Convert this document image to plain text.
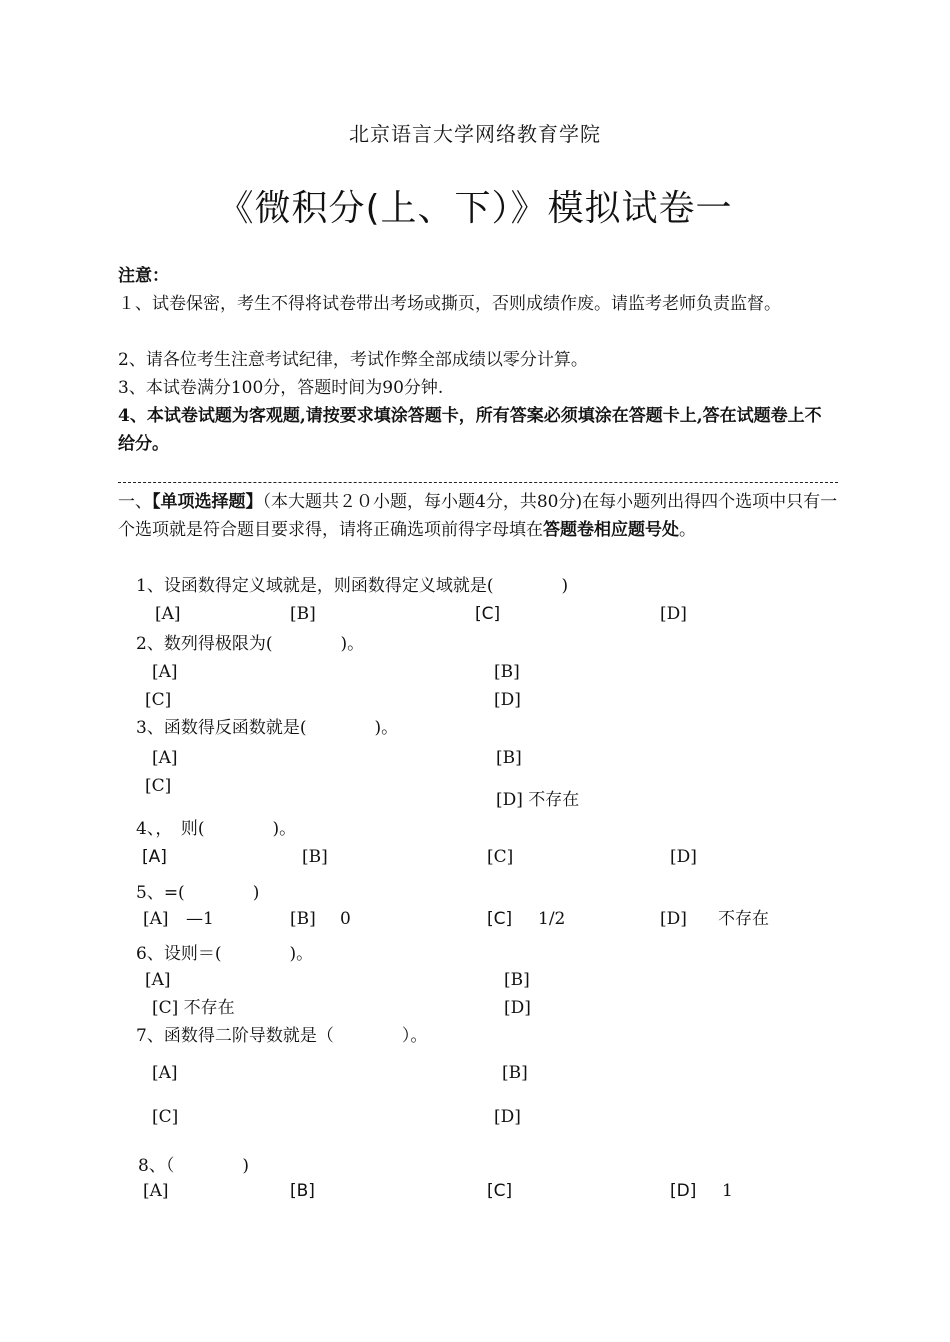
北京语言大学网络教育学院
《微积分(上、下）》模拟试卷一
注意：
１、试卷保密，考生不得将试卷带出考场或撕页，否则成绩作废。请监考老师负责监督。
2、请各位考生注意考试纪律，考试作弊全部成绩以零分计算。
3、本试卷满分100分，答题时间为90分钟.
4、本试卷试题为客观题,请按要求填涂答题卡，所有答案必须填涂在答题卡上,答在试题卷上不给分。
一、【单项选择题】（本大题共２０小题，每小题4分，共80分)在每小题列出得四个选项中只有一个选项就是符合题目要求得，请将正确选项前得字母填在答题卷相应题号处。
1、设函数得定义域就是，则函数得定义域就是(　　　　)
[A]	[B]	[C]	[D]
2、数列得极限为(　　　　)。
[A]	[B]
[C]	[D]
3、函数得反函数就是(　　　　)。
[A]	[B]
[C]
[D] 不存在
4、，　则(　　　　)。
[A]	[B]	[C]	[D]
5、=(　　　　)
[A] —1	[B] 0	[C] 1/2	[D] 不存在
6、设则＝(　　　　)。
[A]	[B]
[C] 不存在	[D]
7、函数得二阶导数就是（　　　　）。
[A]	[B]
[C]	[D]
8、（　　　　)
[A]	[B]	[C]	[D] 1
